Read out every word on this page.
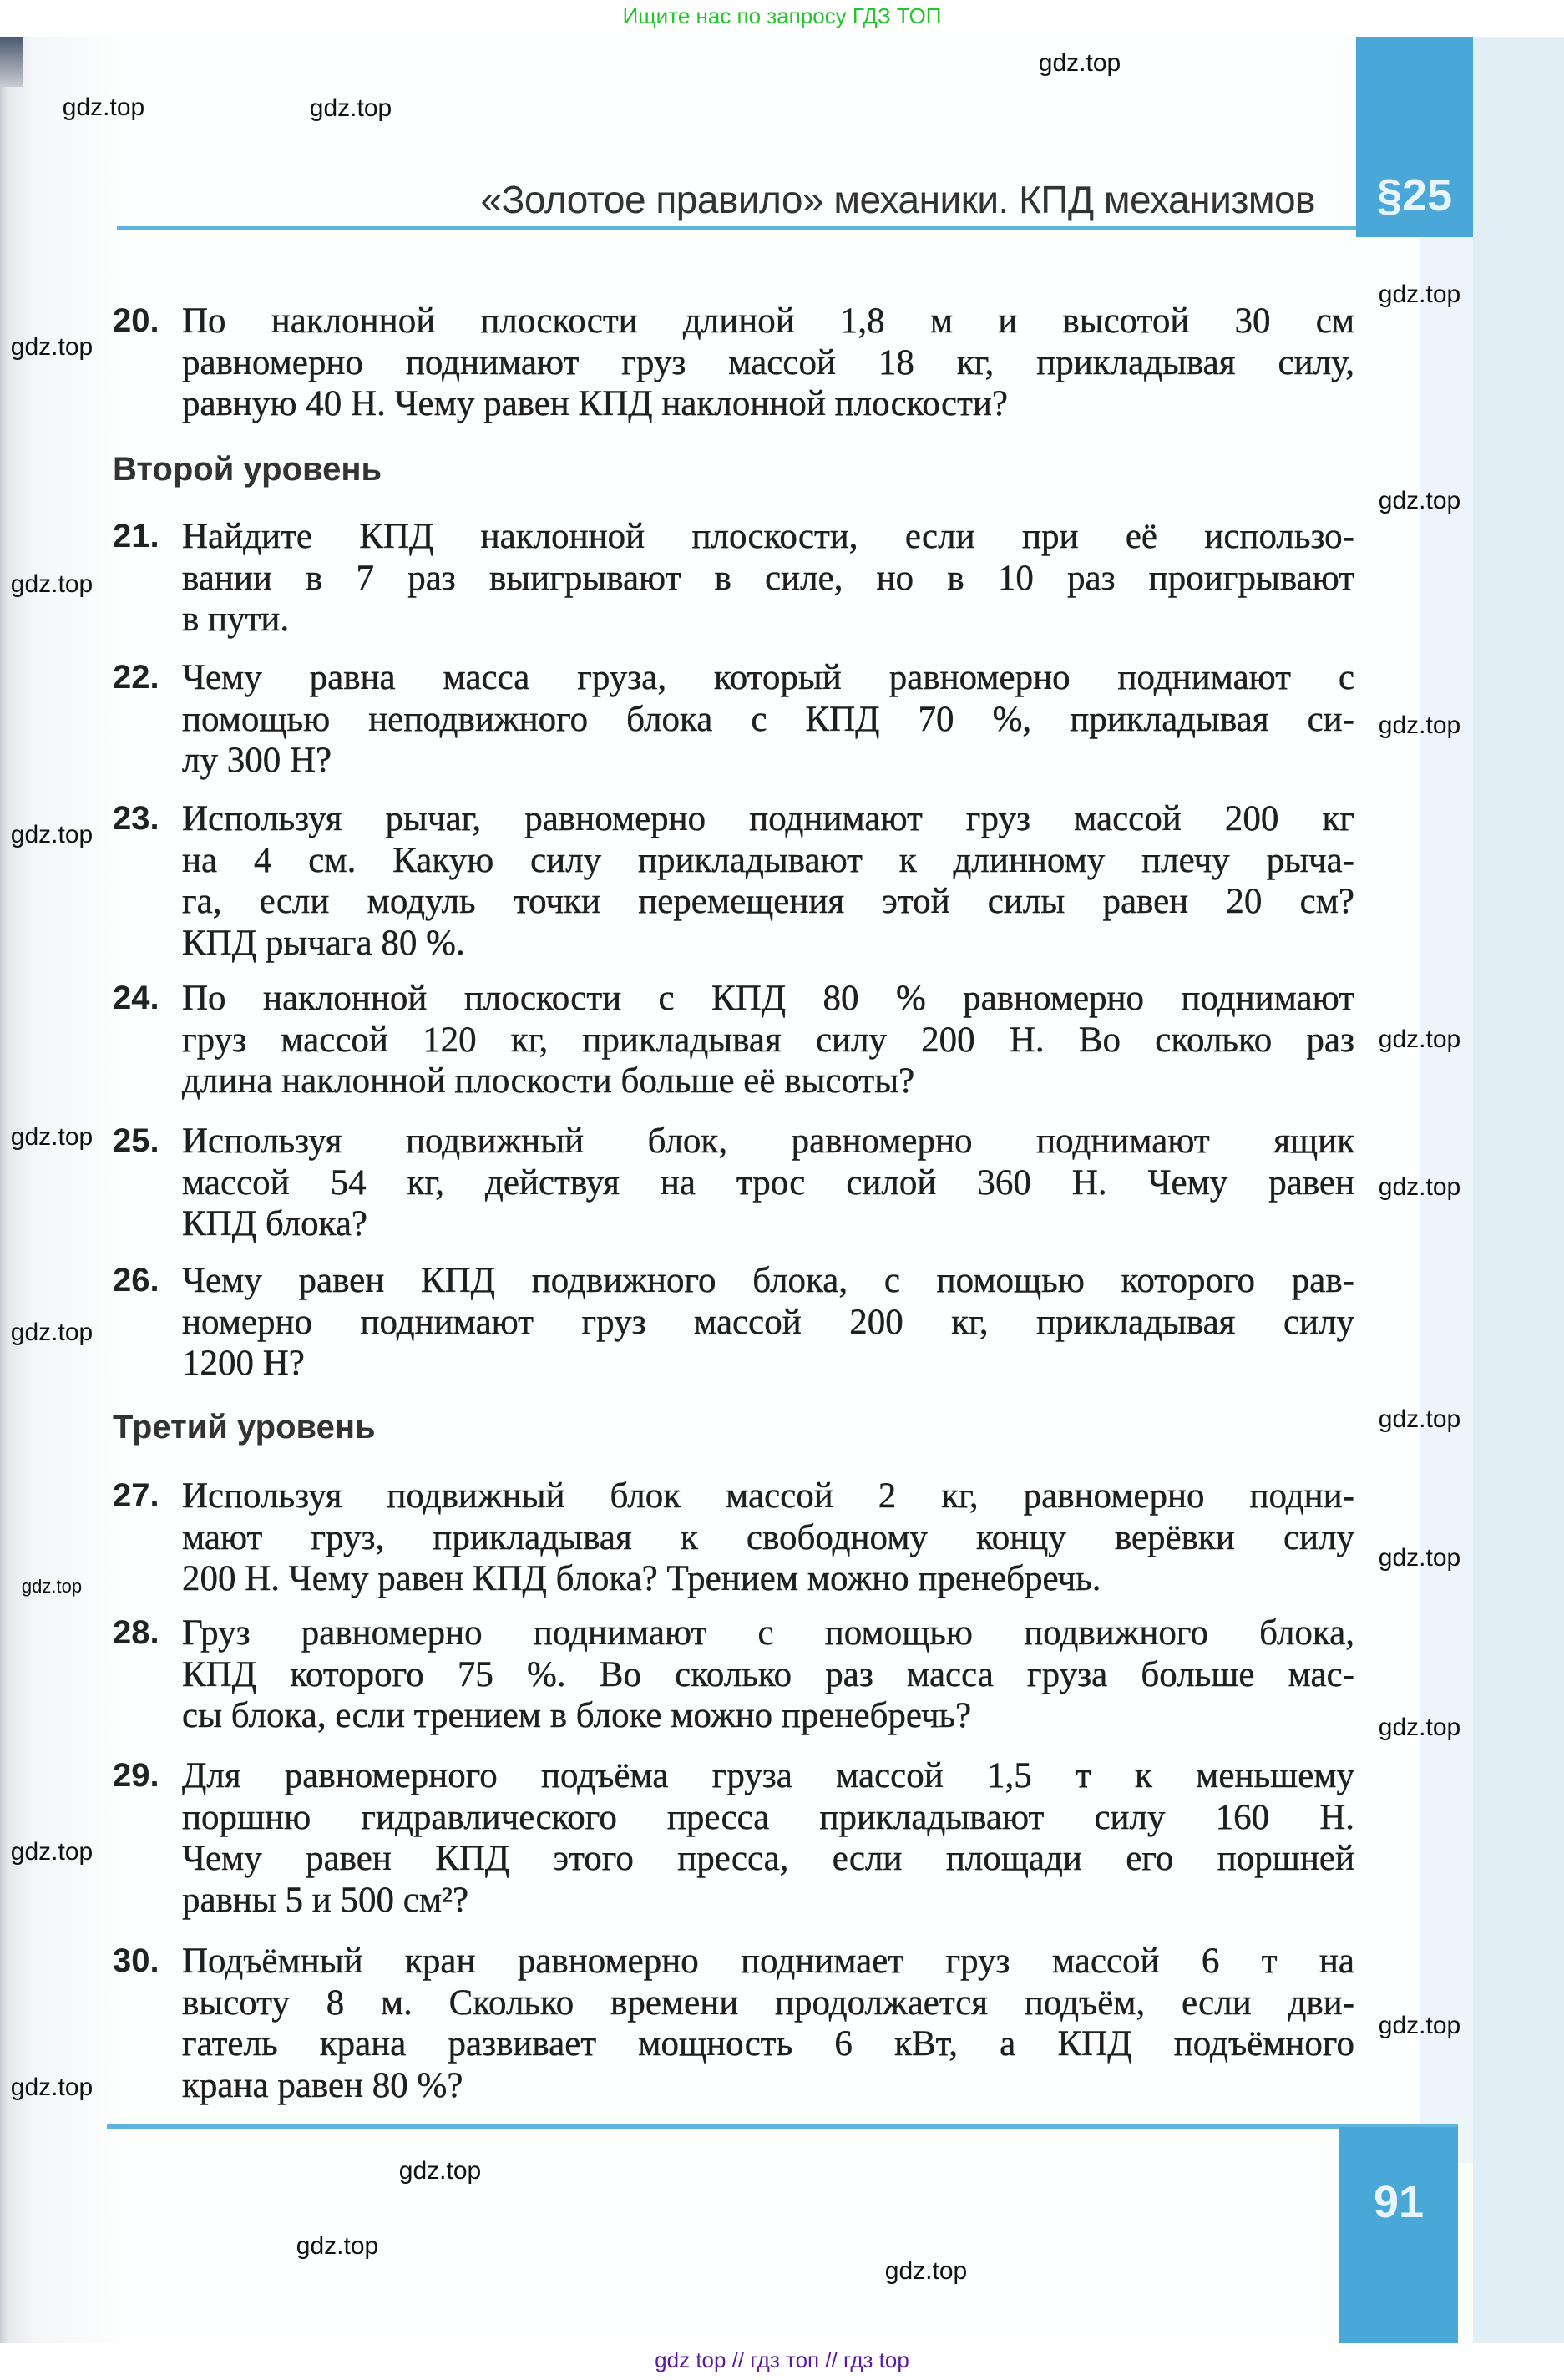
Ищите нас по запросу ГДЗ ТОП
§25
«Золотое правило» механики. КПД механизмов
91
20. По наклонной плоскости длиной 1,8 м и высотой 30 см
равномерно поднимают груз массой 18 кг, прикладывая силу,
равную 40 Н. Чему равен КПД наклонной плоскости?
21. Найдите КПД наклонной плоскости, если при её использо-
вании в 7 раз выигрывают в силе, но в 10 раз проигрывают
в пути.
22. Чему равна масса груза, который равномерно поднимают с
помощью неподвижного блока с КПД 70 %, прикладывая си-
лу 300 Н?
23. Используя рычаг, равномерно поднимают груз массой 200 кг
на 4 см. Какую силу прикладывают к длинному плечу рыча-
га, если модуль точки перемещения этой силы равен 20 см?
КПД рычага 80 %.
24. По наклонной плоскости с КПД 80 % равномерно поднимают
груз массой 120 кг, прикладывая силу 200 Н. Во сколько раз
длина наклонной плоскости больше её высоты?
25. Используя подвижный блок, равномерно поднимают ящик
массой 54 кг, действуя на трос силой 360 Н. Чему равен
КПД блока?
26. Чему равен КПД подвижного блока, с помощью которого рав-
номерно поднимают груз массой 200 кг, прикладывая силу
1200 Н?
27. Используя подвижный блок массой 2 кг, равномерно подни-
мают груз, прикладывая к свободному концу верёвки силу
200 Н. Чему равен КПД блока? Трением можно пренебречь.
28. Груз равномерно поднимают с помощью подвижного блока,
КПД которого 75 %. Во сколько раз масса груза больше мас-
сы блока, если трением в блоке можно пренебречь?
29. Для равномерного подъёма груза массой 1,5 т к меньшему
поршню гидравлического пресса прикладывают силу 160 Н.
Чему равен КПД этого пресса, если площади его поршней
равны 5 и 500 см²?
30. Подъёмный кран равномерно поднимает груз массой 6 т на
высоту 8 м. Сколько времени продолжается подъём, если дви-
гатель крана развивает мощность 6 кВт, а КПД подъёмного
крана равен 80 %?
Второй уровень
Третий уровень
gdz.top
gdz.top	gdz.top
gdz.top
gdz.top
gdz.top
gdz.top
gdz.top
gdz.top
gdz.top
gdz.top
gdz.top
gdz.top
gdz.top
gdz.top
gdz.top
gdz.top
gdz.top
gdz.top
gdz.top
gdz.top
gdz.top
gdz.top
gdz top // гдз топ // гдз top
